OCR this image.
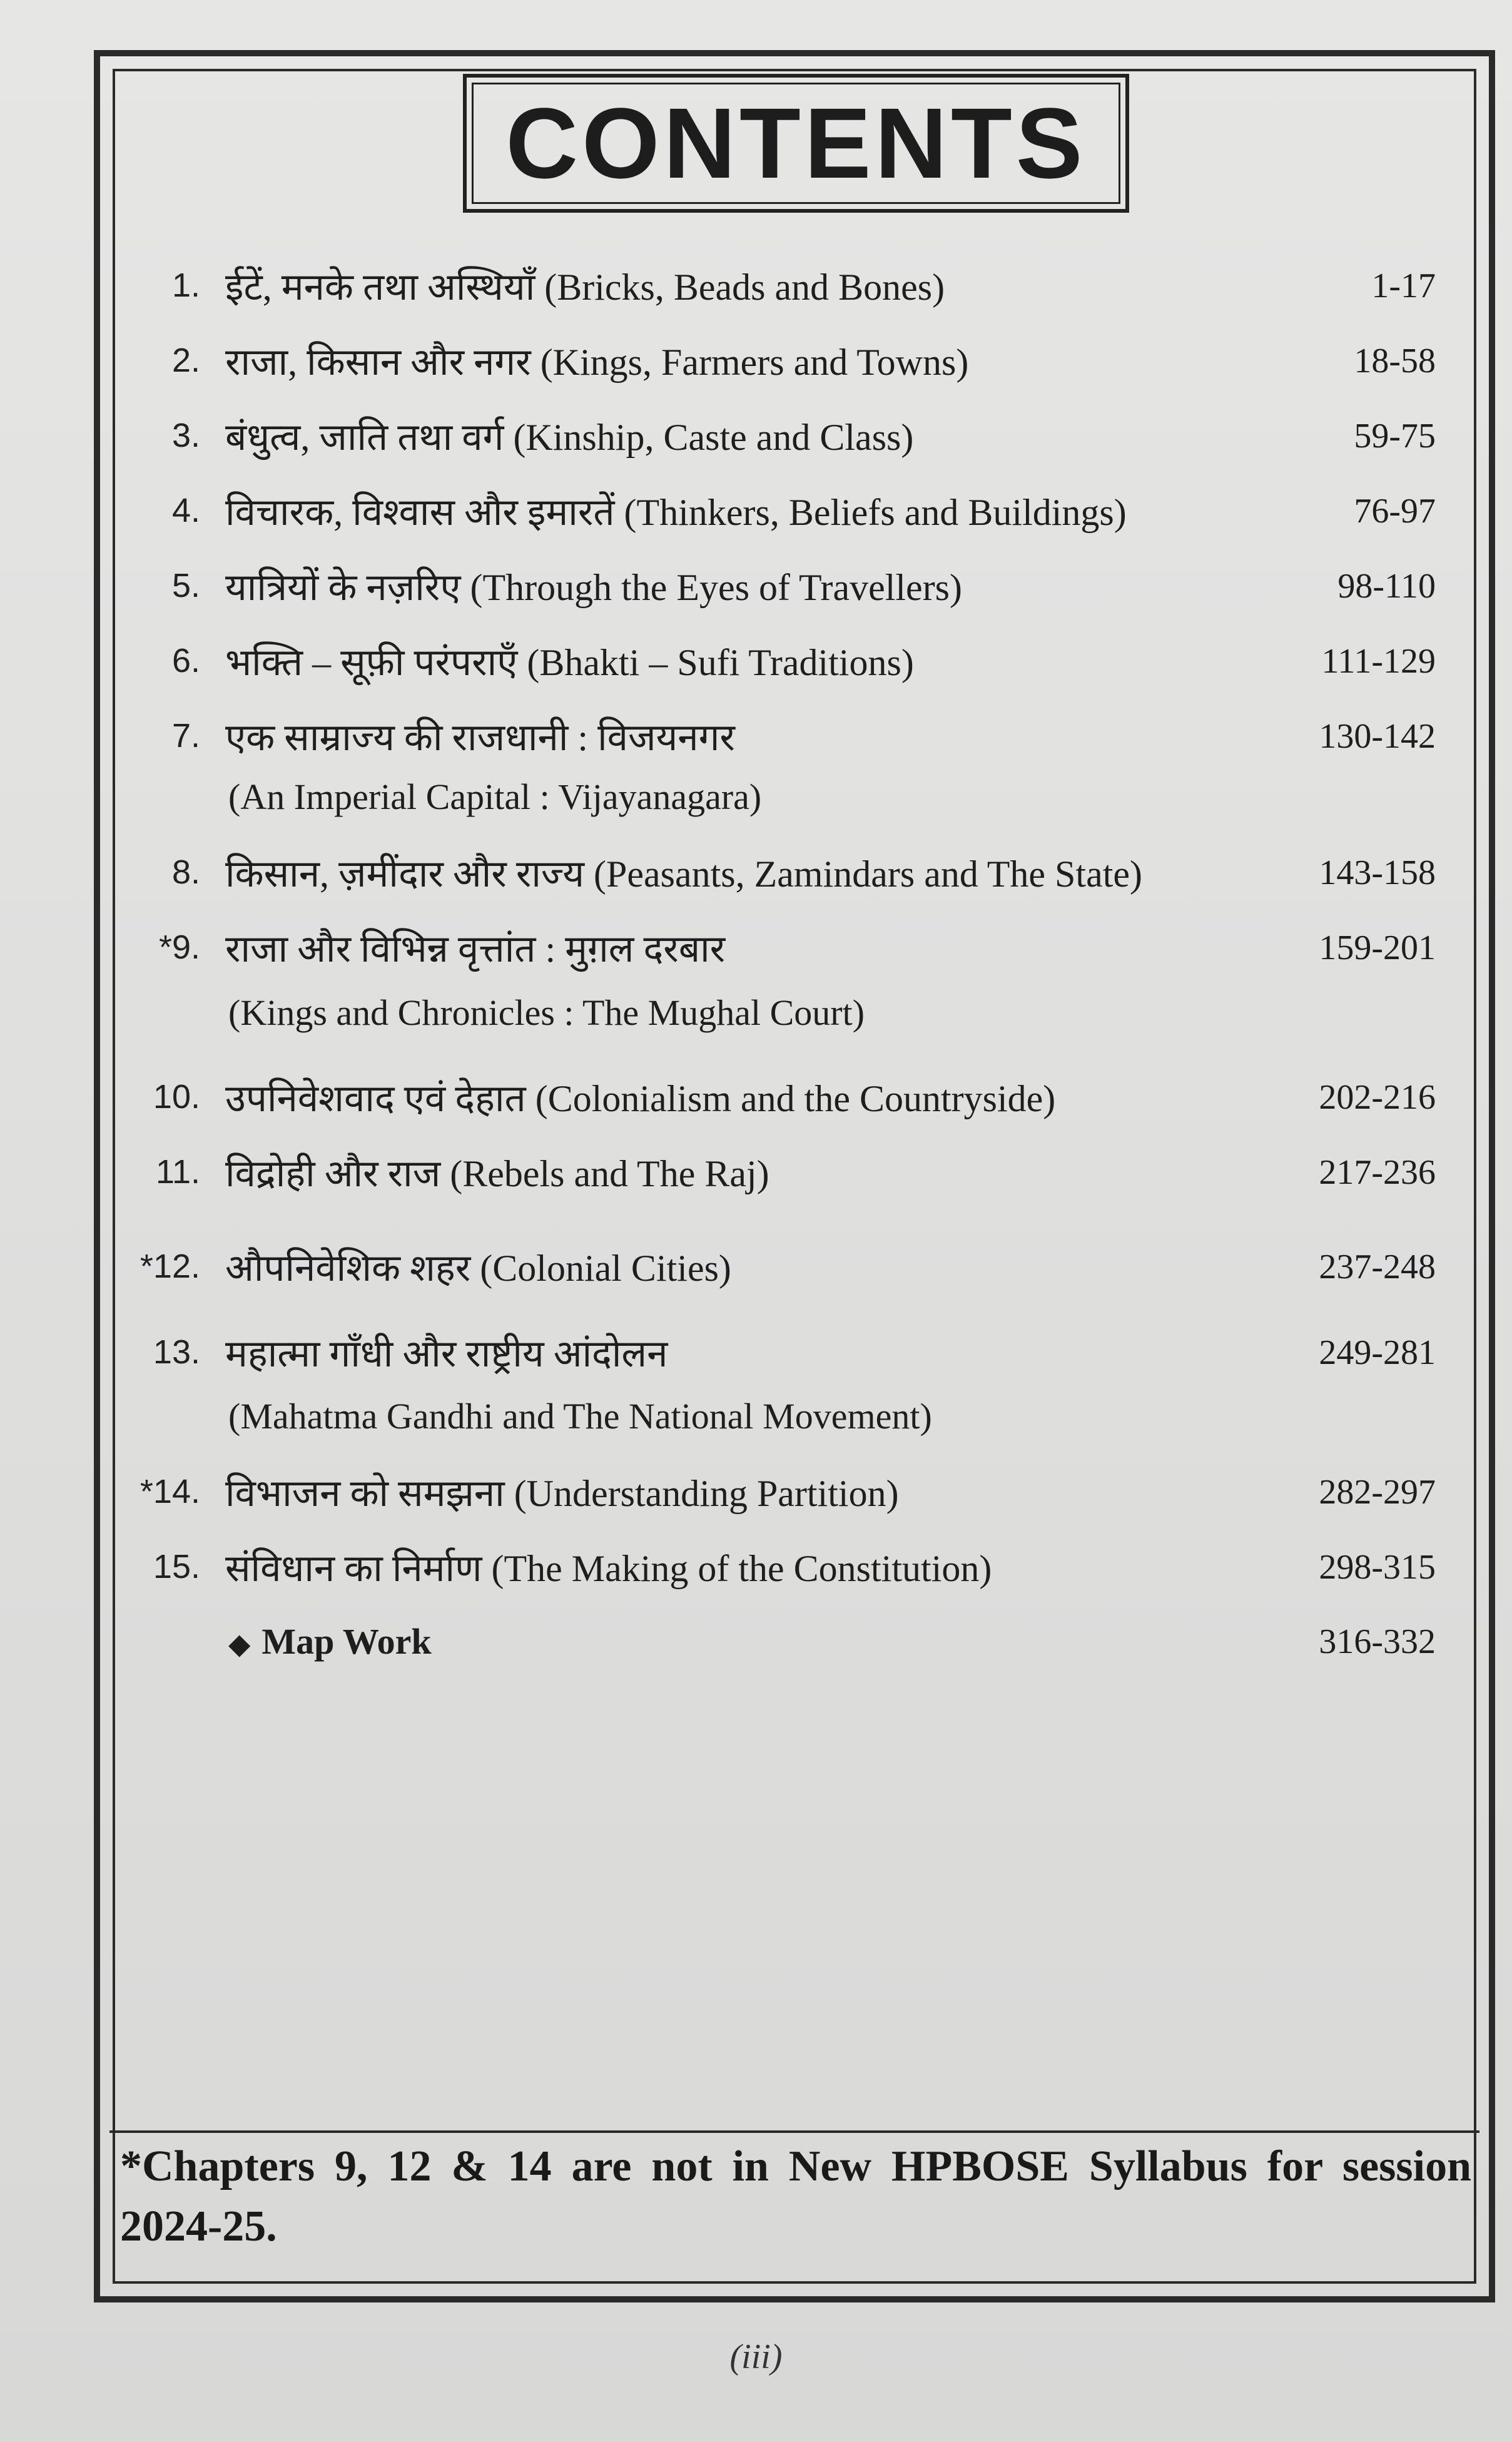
CONTENTS
1. ईटें, मनके तथा अस्थियाँ (Bricks, Beads and Bones)	1-17
2. राजा, किसान और नगर (Kings, Farmers and Towns)	18-58
3. बंधुत्व, जाति तथा वर्ग (Kinship, Caste and Class)	59-75
4. विचारक, विश्वास और इमारतें (Thinkers, Beliefs and Buildings)	76-97
5. यात्रियों के नज़रिए (Through the Eyes of Travellers)	98-110
6. भक्ति – सूफ़ी परंपराएँ (Bhakti – Sufi Traditions)	111-129
7. एक साम्राज्य की राजधानी : विजयनगर	130-142
(An Imperial Capital : Vijayanagara)
8. किसान, ज़मींदार और राज्य (Peasants, Zamindars and The State)	143-158
*9. राजा और विभिन्न वृत्तांत : मुग़ल दरबार	159-201
(Kings and Chronicles : The Mughal Court)
10. उपनिवेशवाद एवं देहात (Colonialism and the Countryside)	202-216
11. विद्रोही और राज (Rebels and The Raj)	217-236
*12. औपनिवेशिक शहर (Colonial Cities)	237-248
13. महात्मा गाँधी और राष्ट्रीय आंदोलन	249-281
(Mahatma Gandhi and The National Movement)
*14. विभाजन को समझना (Understanding Partition)	282-297
15. संविधान का निर्माण (The Making of the Constitution)	298-315
◆ Map Work	316-332
*Chapters 9, 12 & 14 are not in New HPBOSE Syllabus for session 2024-25.
(iii)
